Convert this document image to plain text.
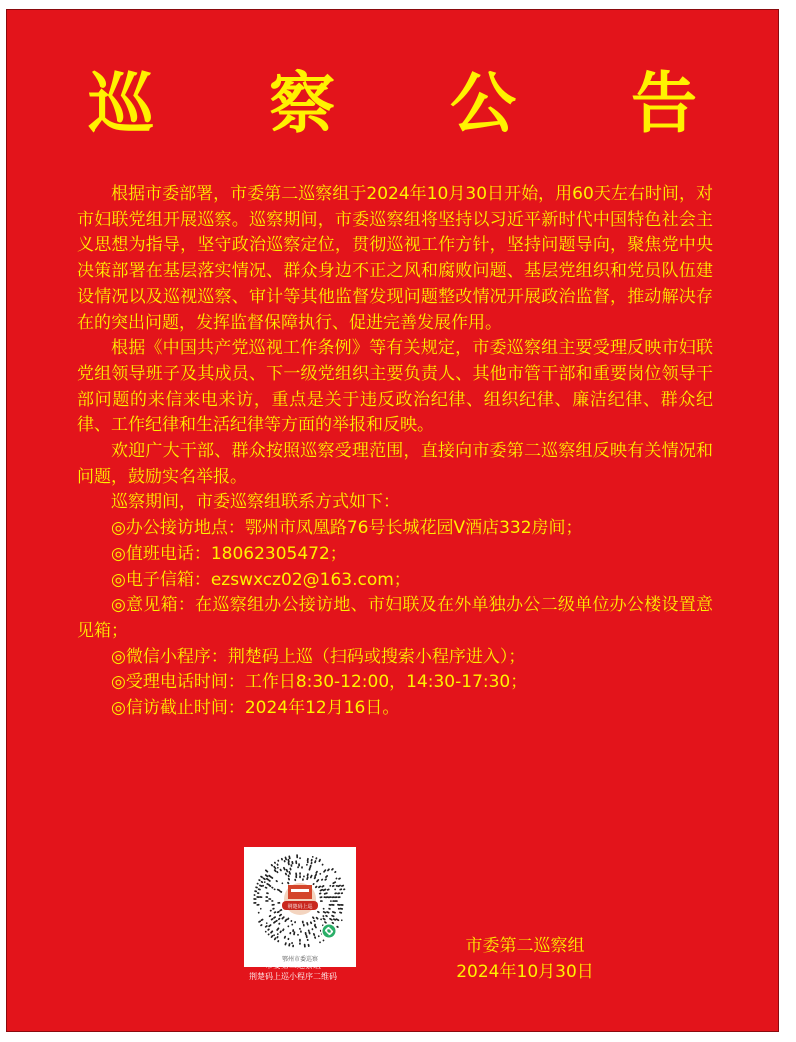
巡 察 公 告

根据市委部署，市委第二巡察组于2024年10月30日开始，用60天左右时间，对市妇联党组开展巡察。巡察期间，市委巡察组将坚持以习近平新时代中国特色社会主义思想为指导，坚守政治巡察定位，贯彻巡视工作方针，坚持问题导向，聚焦党中央决策部署在基层落实情况、群众身边不正之风和腐败问题、基层党组织和党员队伍建设情况以及巡视巡察、审计等其他监督发现问题整改情况开展政治监督，推动解决存在的突出问题，发挥监督保障执行、促进完善发展作用。

根据《中国共产党巡视工作条例》等有关规定，市委巡察组主要受理反映市妇联党组领导班子及其成员、下一级党组织主要负责人、其他市管干部和重要岗位领导干部问题的来信来电来访，重点是关于违反政治纪律、组织纪律、廉洁纪律、群众纪律、工作纪律和生活纪律等方面的举报和反映。

欢迎广大干部、群众按照巡察受理范围，直接向市委第二巡察组反映有关情况和问题，鼓励实名举报。

巡察期间，市委巡察组联系方式如下：

◎办公接访地点：鄂州市凤凰路76号长城花园V酒店332房间；

◎值班电话：18062305472；

◎电子信箱：ezswxcz02@163.com；

◎意见箱：在巡察组办公接访地、市妇联及在外单独办公二级单位办公楼设置意见箱；

◎微信小程序：荆楚码上巡（扫码或搜索小程序进入）；

◎受理电话时间：工作日8:30-12:00，14:30-17:30；

◎信访截止时间：2024年12月16日。

荆楚码上巡
鄂州市委巡察
市委第二巡察组
荆楚码上巡小程序二维码
市委第二巡察组
2024年10月30日
